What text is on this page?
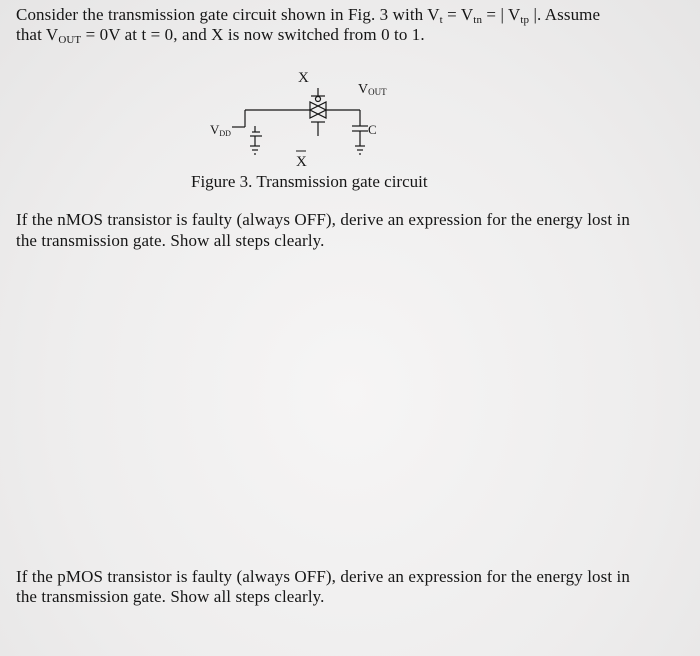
Consider the transmission gate circuit shown in Fig. 3 with $V_t = V_{tn}$ = | $V_{tp}$ |. Assume
that $V_{OUT} = 0V$ at t = 0, and X is now switched from 0 to 1.
X
VOUT
VDD	C
X
Figure 3. Transmission gate circuit
If the nMOS transistor is faulty (always OFF), derive an expression for the energy lost in
the transmission gate. Show all steps clearly.
If the pMOS transistor is faulty (always OFF), derive an expression for the energy lost in
the transmission gate. Show all steps clearly.
